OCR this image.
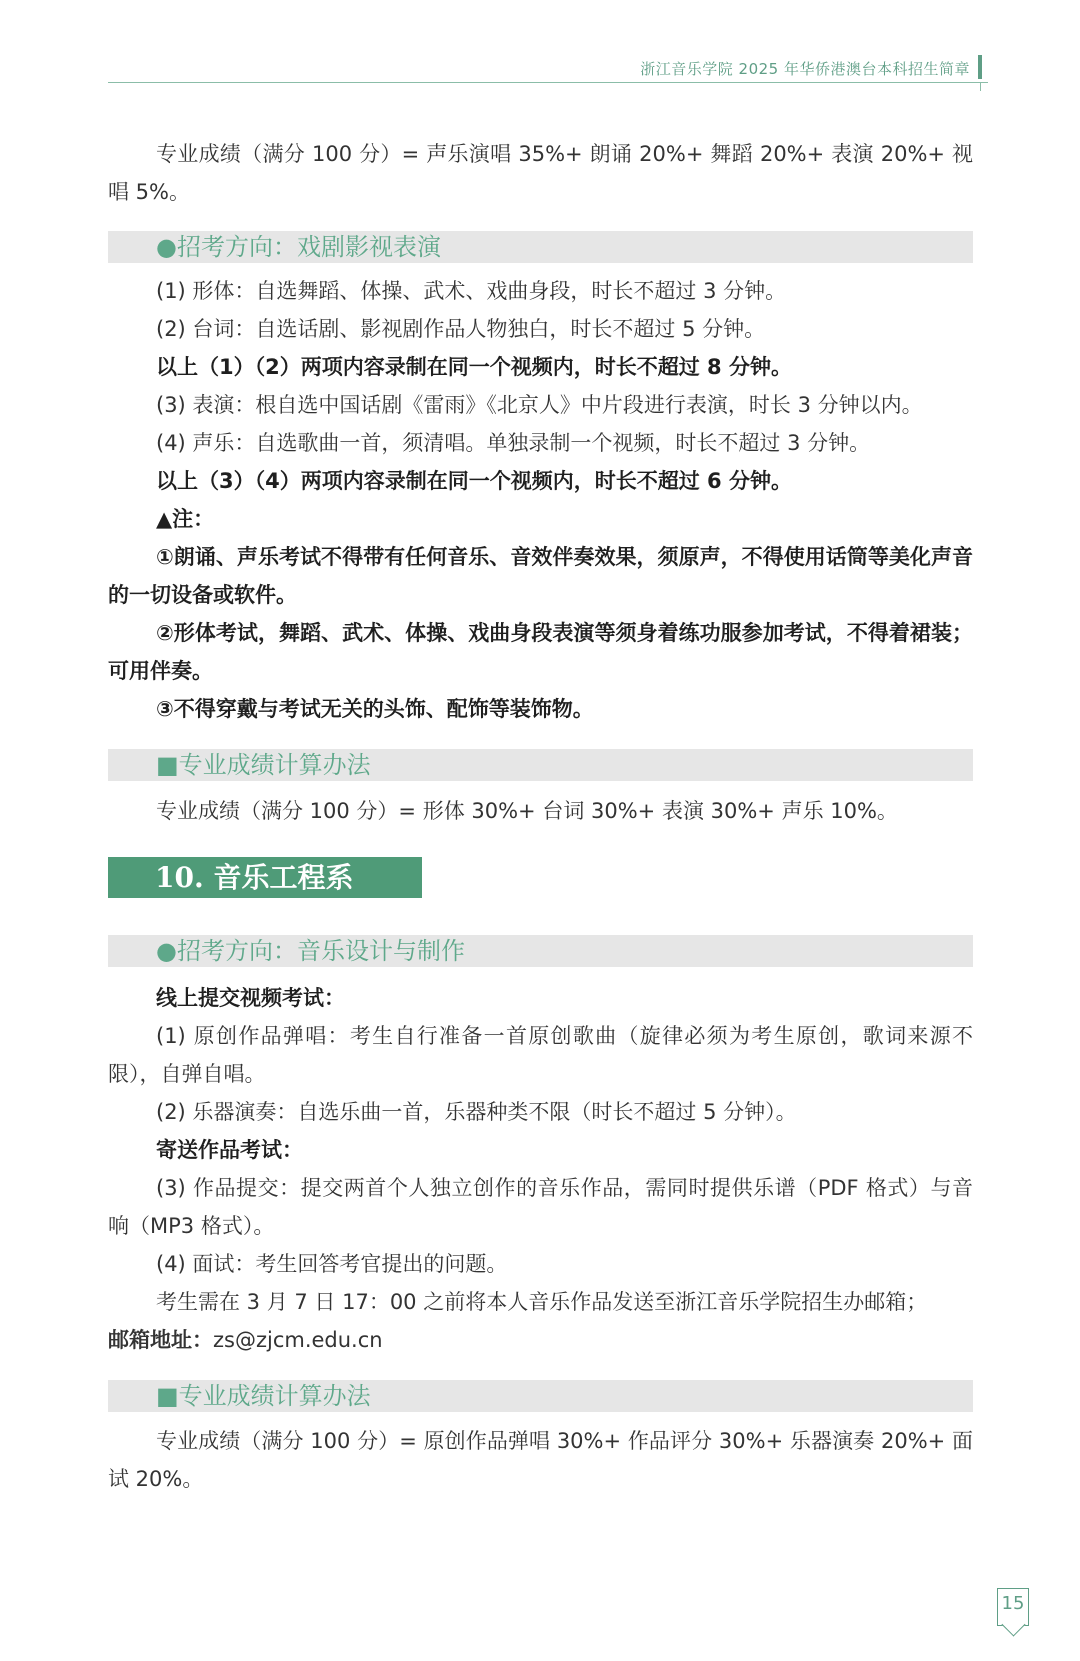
浙江音乐学院 2025 年华侨港澳台本科招生简章
专业成绩（满分 100 分）= 声乐演唱 35%+ 朗诵 20%+ 舞蹈 20%+ 表演 20%+ 视唱 5%。
●招考方向：戏剧影视表演
(1) 形体：自选舞蹈、体操、武术、戏曲身段，时长不超过 3 分钟。
(2) 台词：自选话剧、影视剧作品人物独白，时长不超过 5 分钟。
以上（1）（2）两项内容录制在同一个视频内，时长不超过 8 分钟。
(3) 表演：根自选中国话剧《雷雨》《北京人》中片段进行表演，时长 3 分钟以内。
(4) 声乐：自选歌曲一首，须清唱。单独录制一个视频，时长不超过 3 分钟。
以上（3）（4）两项内容录制在同一个视频内，时长不超过 6 分钟。
▲注：
①朗诵、声乐考试不得带有任何音乐、音效伴奏效果，须原声，不得使用话筒等美化声音的一切设备或软件。
②形体考试，舞蹈、武术、体操、戏曲身段表演等须身着练功服参加考试，不得着裙装；可用伴奏。
③不得穿戴与考试无关的头饰、配饰等装饰物。
■专业成绩计算办法
专业成绩（满分 100 分）= 形体 30%+ 台词 30%+ 表演 30%+ 声乐 10%。
10. 音乐工程系
●招考方向：音乐设计与制作
线上提交视频考试：
(1) 原创作品弹唱：考生自行准备一首原创歌曲（旋律必须为考生原创，歌词来源不限），自弹自唱。
(2) 乐器演奏：自选乐曲一首，乐器种类不限（时长不超过 5 分钟）。
寄送作品考试：
(3) 作品提交：提交两首个人独立创作的音乐作品，需同时提供乐谱（PDF 格式）与音响（MP3 格式）。
(4) 面试：考生回答考官提出的问题。
考生需在 3 月 7 日 17：00 之前将本人音乐作品发送至浙江音乐学院招生办邮箱；
邮箱地址：zs@zjcm.edu.cn
■专业成绩计算办法
专业成绩（满分 100 分）= 原创作品弹唱 30%+ 作品评分 30%+ 乐器演奏 20%+ 面试 20%。
15
